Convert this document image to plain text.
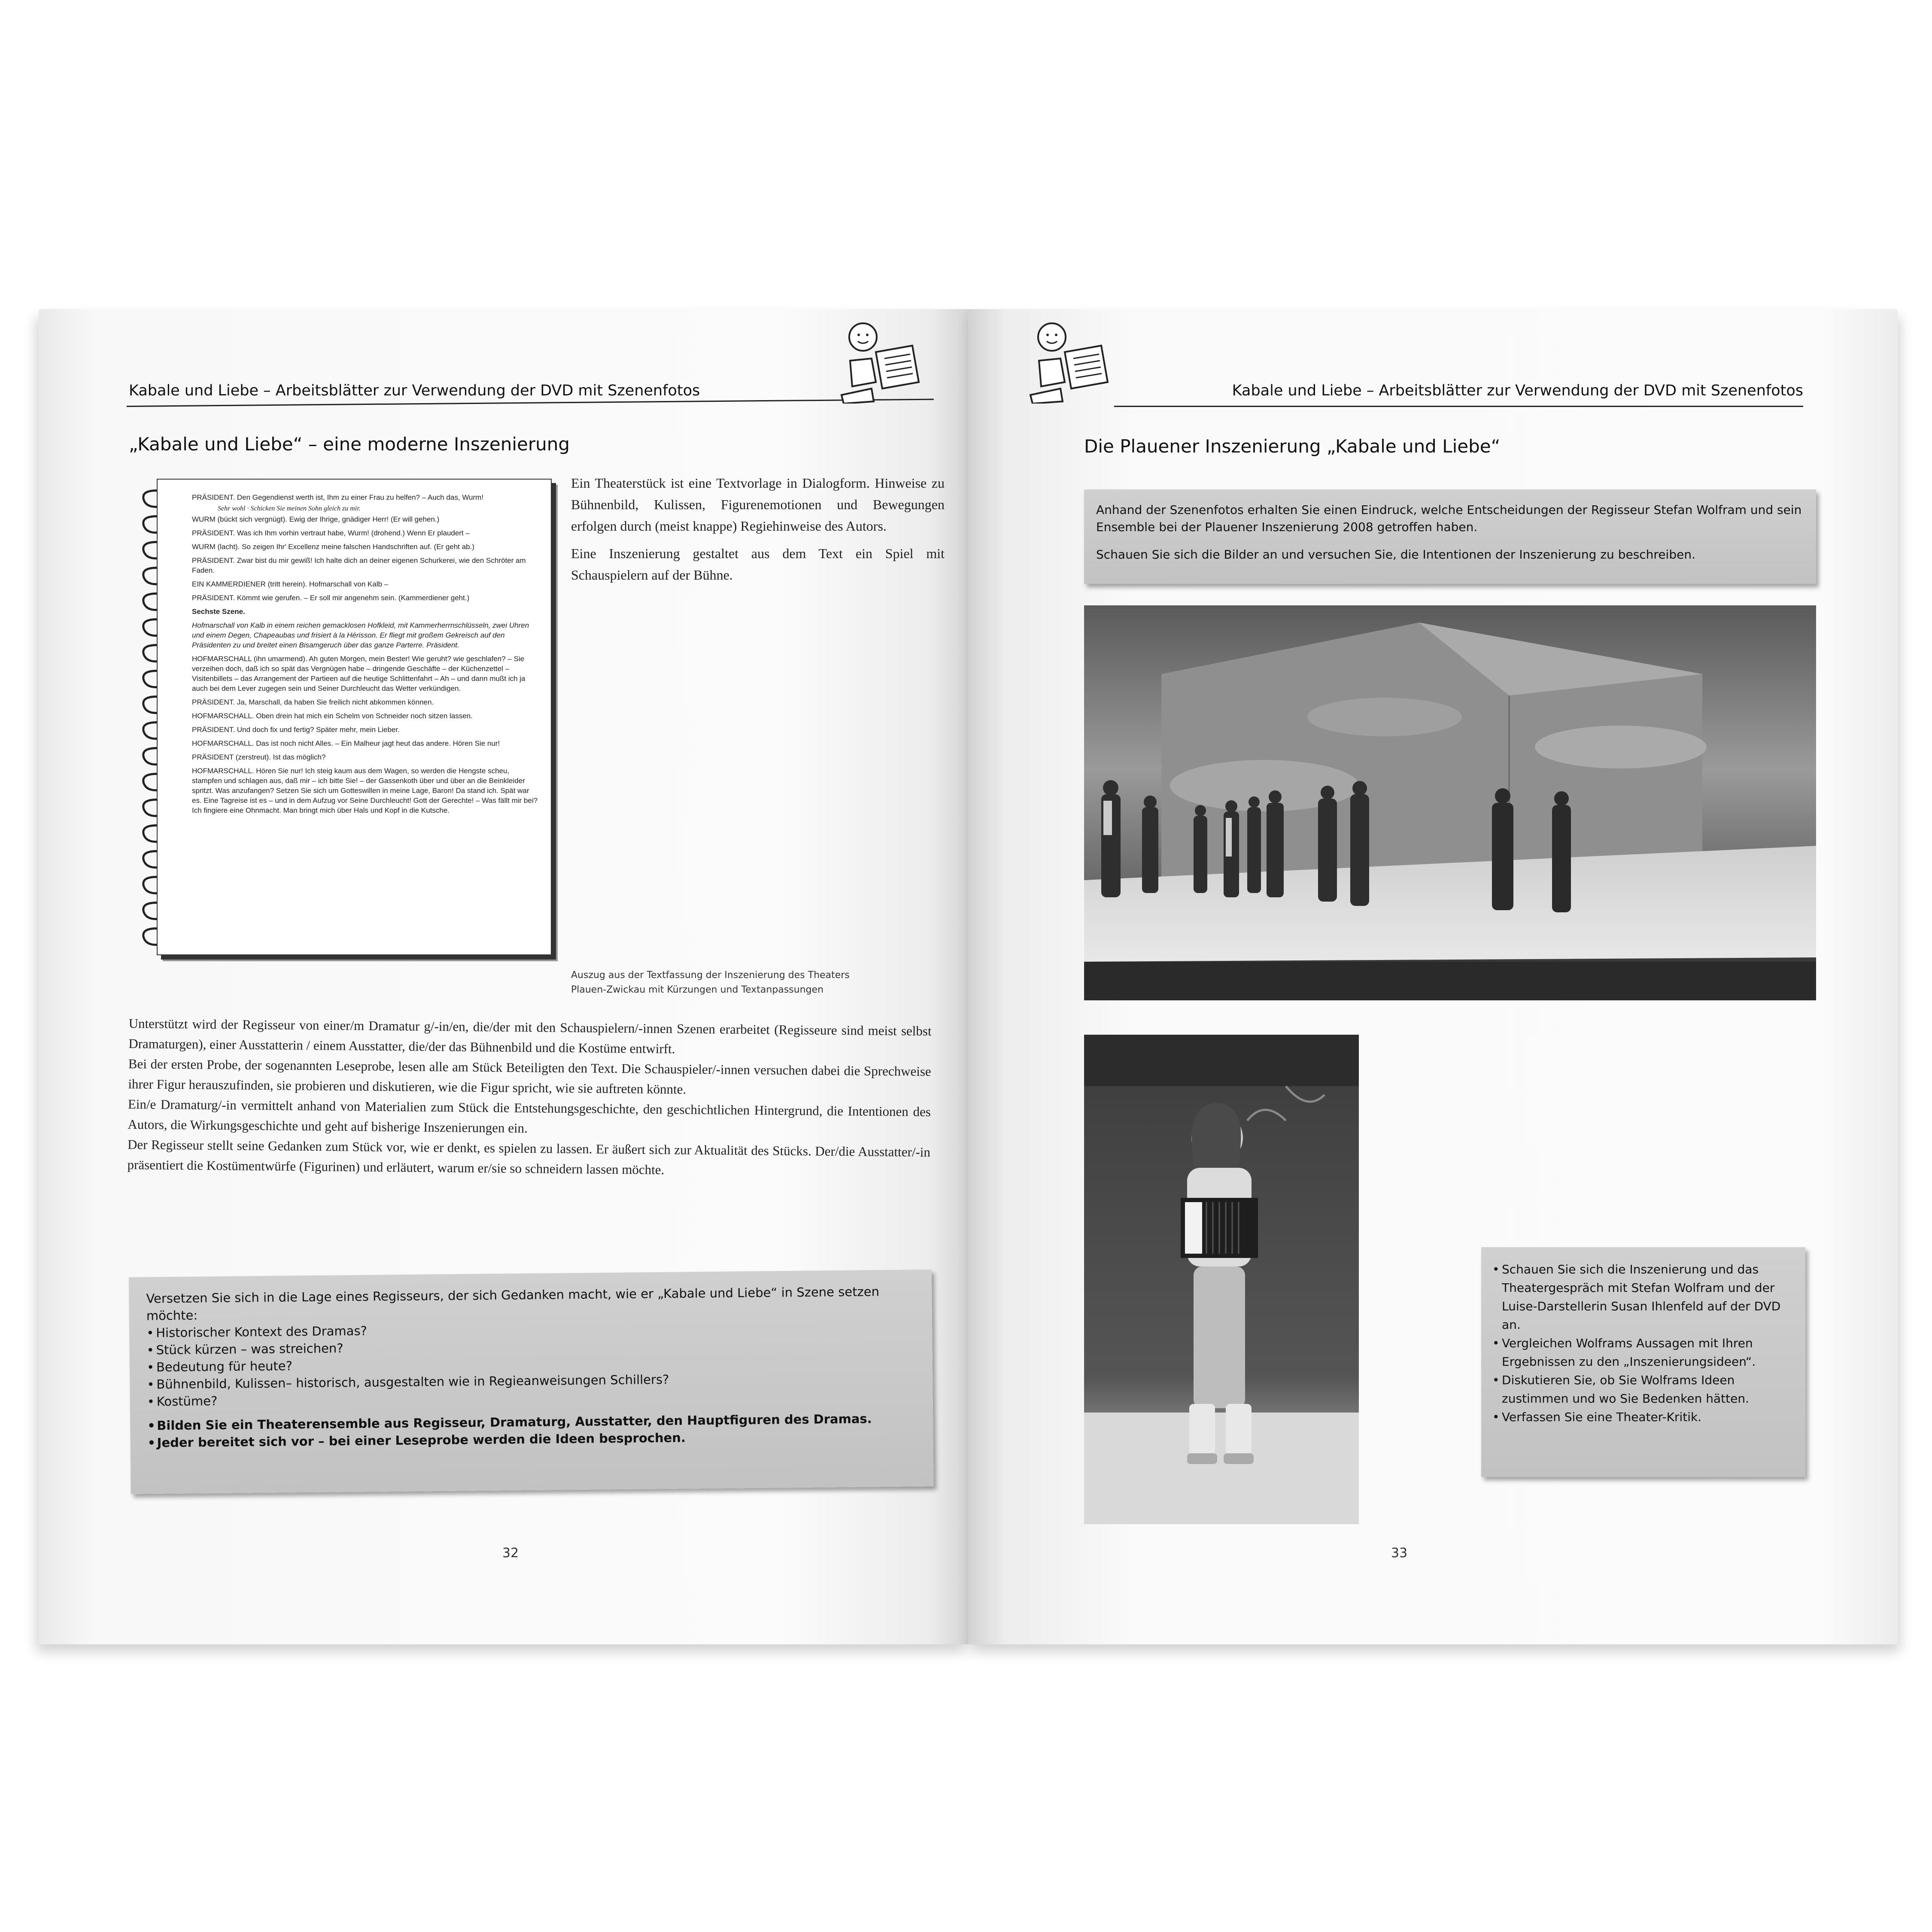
Kabale und Liebe – Arbeitsblätter zur Verwendung der DVD mit Szenenfotos
„Kabale und Liebe“ – eine moderne Inszenierung

PRÄSIDENT. Den Gegendienst werth ist, Ihm zu einer Frau zu helfen? – Auch das, Wurm!

Sehr wohl · Schicken Sie meinen Sohn gleich zu mir.

WURM (bückt sich vergnügt). Ewig der Ihrige, gnädiger Herr! (Er will gehen.)

PRÄSIDENT. Was ich Ihm vorhin vertraut habe, Wurm! (drohend.) Wenn Er plaudert –

WURM (lacht). So zeigen Ihr' Excellenz meine falschen Handschriften auf. (Er geht ab.)

PRÄSIDENT. Zwar bist du mir gewiß! Ich halte dich an deiner eigenen Schurkerei, wie den Schröter am Faden.

EIN KAMMERDIENER (tritt herein). Hofmarschall von Kalb –

PRÄSIDENT. Kömmt wie gerufen. – Er soll mir angenehm sein. (Kammerdiener geht.)

Sechste Szene.

Hofmarschall von Kalb in einem reichen gemacklosen Hofkleid, mit Kammerherrnschlüsseln, zwei Uhren und einem Degen, Chapeaubas und frisiert à la Hérisson. Er fliegt mit großem Gekreisch auf den Präsidenten zu und breitet einen Bisamgeruch über das ganze Parterre. Präsident.

HOFMARSCHALL (ihn umarmend). Ah guten Morgen, mein Bester! Wie geruht? wie geschlafen? – Sie verzeihen doch, daß ich so spät das Vergnügen habe – dringende Geschäfte – der Küchenzettel – Visitenbillets – das Arrangement der Partieen auf die heutige Schlittenfahrt – Ah – und dann mußt ich ja auch bei dem Lever zugegen sein und Seiner Durchleucht das Wetter verkündigen.

PRÄSIDENT. Ja, Marschall, da haben Sie freilich nicht abkommen können.

HOFMARSCHALL. Oben drein hat mich ein Schelm von Schneider noch sitzen lassen.

PRÄSIDENT. Und doch fix und fertig? Später mehr, mein Lieber.

HOFMARSCHALL. Das ist noch nicht Alles. – Ein Malheur jagt heut das andere. Hören Sie nur!

PRÄSIDENT (zerstreut). Ist das möglich?

HOFMARSCHALL. Hören Sie nur! Ich steig kaum aus dem Wagen, so werden die Hengste scheu, stampfen und schlagen aus, daß mir – ich bitte Sie! – der Gassenkoth über und über an die Beinkleider spritzt. Was anzufangen? Setzen Sie sich um Gotteswillen in meine Lage, Baron! Da stand ich. Spät war es. Eine Tagreise ist es – und in dem Aufzug vor Seine Durchleucht! Gott der Gerechte! – Was fällt mir bei? Ich fingiere eine Ohnmacht. Man bringt mich über Hals und Kopf in die Kutsche.

Ein Theaterstück ist eine Textvorlage in Dialogform. Hinweise zu Bühnenbild, Kulissen, Figurenemotionen und Bewegungen erfolgen durch (meist knappe) Regiehinweise des Autors.

Eine Inszenierung gestaltet aus dem Text ein Spiel mit Schauspielern auf der Bühne.

Auszug aus der Textfassung der Inszenierung des Theaters Plauen-Zwickau mit Kürzungen und Textanpassungen

Unterstützt wird der Regisseur von einer/m Dramatur g/-in/en, die/der mit den Schauspielern/-innen Szenen erarbeitet (Regisseure sind meist selbst Dramaturgen), einer Ausstatterin / einem Ausstatter, die/der das Bühnenbild und die Kostüme entwirft.

Bei der ersten Probe, der sogenannten Leseprobe, lesen alle am Stück Beteiligten den Text. Die Schauspieler/-innen versuchen dabei die Sprechweise ihrer Figur herauszufinden, sie probieren und diskutieren, wie die Figur spricht, wie sie auftreten könnte.

Ein/e Dramaturg/-in vermittelt anhand von Materialien zum Stück die Entstehungsgeschichte, den geschichtlichen Hintergrund, die Intentionen des Autors, die Wirkungsgeschichte und geht auf bisherige Inszenierungen ein.

Der Regisseur stellt seine Gedanken zum Stück vor, wie er denkt, es spielen zu lassen. Er äußert sich zur Aktualität des Stücks. Der/die Ausstatter/-in präsentiert die Kostümentwürfe (Figurinen) und erläutert, warum er/sie so schneidern lassen möchte.

Versetzen Sie sich in die Lage eines Regisseurs, der sich Gedanken macht, wie er „Kabale und Liebe“ in Szene setzen möchte:

• Historischer Kontext des Dramas?
• Stück kürzen – was streichen?
• Bedeutung für heute?
• Bühnenbild, Kulissen– historisch, ausgestalten wie in Regieanweisungen Schillers?
• Kostüme?
• Bilden Sie ein Theaterensemble aus Regisseur, Dramaturg, Ausstatter, den Hauptfiguren des Dramas.
• Jeder bereitet sich vor – bei einer Leseprobe werden die Ideen besprochen.
32
Kabale und Liebe – Arbeitsblätter zur Verwendung der DVD mit Szenenfotos
Die Plauener Inszenierung „Kabale und Liebe“

Anhand der Szenenfotos erhalten Sie einen Eindruck, welche Entscheidungen der Regisseur Stefan Wolfram und sein Ensemble bei der Plauener Inszenierung 2008 getroffen haben.

Schauen Sie sich die Bilder an und versuchen Sie, die Intentionen der Inszenierung zu beschreiben.

• Schauen Sie sich die Inszenierung und das Theatergespräch mit Stefan Wolfram und der Luise-Darstellerin Susan Ihlenfeld auf der DVD an.
• Vergleichen Wolframs Aussagen mit Ihren Ergebnissen zu den „Inszenierungsideen“.
• Diskutieren Sie, ob Sie Wolframs Ideen zustimmen und wo Sie Bedenken hätten.
• Verfassen Sie eine Theater-Kritik.
33
